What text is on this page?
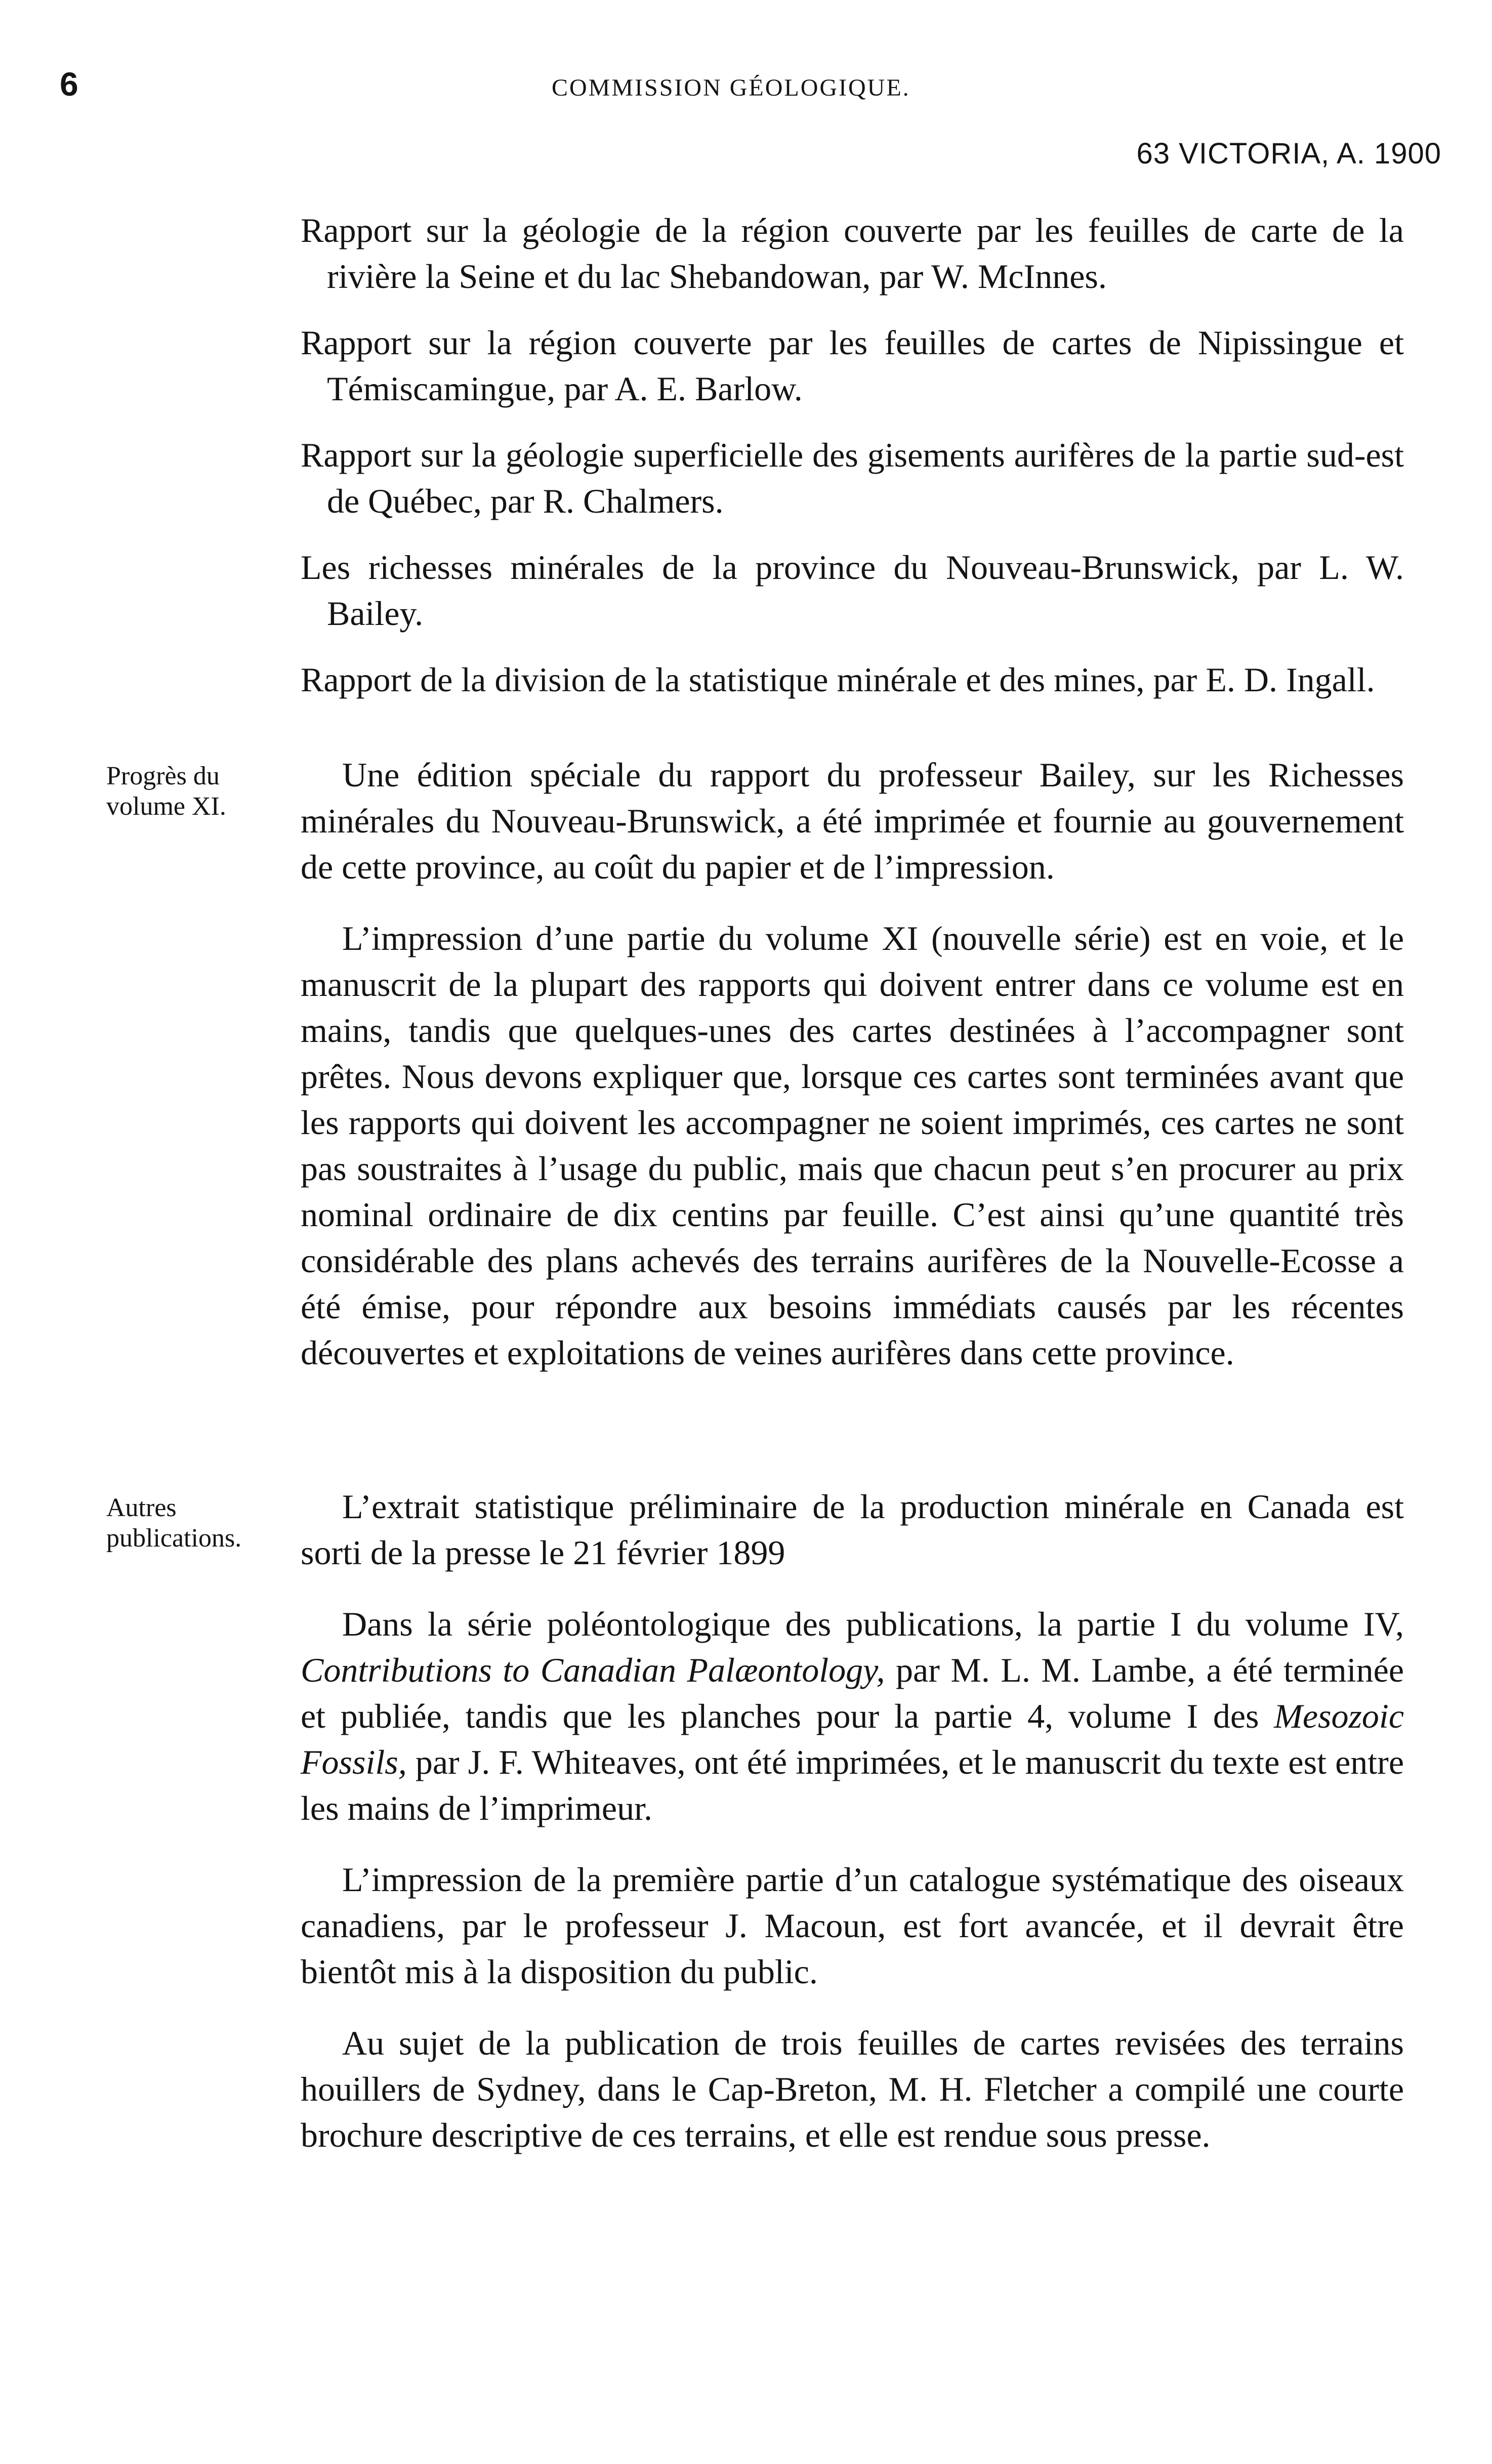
6	COMMISSION GÉOLOGIQUE.
63 VICTORIA, A. 1900

Rapport sur la géologie de la région couverte par les feuilles de carte de la rivière la Seine et du lac Shebandowan, par W. McInnes.

Rapport sur la région couverte par les feuilles de cartes de Nipissingue et Témiscamingue, par A. E. Barlow.

Rapport sur la géologie superficielle des gisements aurifères de la partie sud-est de Québec, par R. Chalmers.

Les richesses minérales de la province du Nouveau-Brunswick, par L. W. Bailey.

Rapport de la division de la statistique minérale et des mines, par E. D. Ingall.

Progrès du
volume XI.

Une édition spéciale du rapport du professeur Bailey, sur les Richesses minérales du Nouveau-Brunswick, a été imprimée et fournie au gouvernement de cette province, au coût du papier et de l’impression.

L’impression d’une partie du volume XI (nouvelle série) est en voie, et le manuscrit de la plupart des rapports qui doivent entrer dans ce volume est en mains, tandis que quelques-unes des cartes destinées à l’accompagner sont prêtes. Nous devons expliquer que, lorsque ces cartes sont terminées avant que les rapports qui doivent les accompagner ne soient imprimés, ces cartes ne sont pas soustraites à l’usage du public, mais que chacun peut s’en procurer au prix nominal ordinaire de dix centins par feuille. C’est ainsi qu’une quantité très considérable des plans achevés des terrains aurifères de la Nouvelle-Ecosse a été émise, pour répondre aux besoins immédiats causés par les récentes découvertes et exploitations de veines aurifères dans cette province.

Autres
publications.

L’extrait statistique préliminaire de la production minérale en Canada est sorti de la presse le 21 février 1899

Dans la série poléontologique des publications, la partie I du volume IV, Contributions to Canadian Palæontology, par M. L. M. Lambe, a été terminée et publiée, tandis que les planches pour la partie 4, volume I des Mesozoic Fossils, par J. F. Whiteaves, ont été imprimées, et le manuscrit du texte est entre les mains de l’imprimeur.

L’impression de la première partie d’un catalogue systématique des oiseaux canadiens, par le professeur J. Macoun, est fort avancée, et il devrait être bientôt mis à la disposition du public.

Au sujet de la publication de trois feuilles de cartes revisées des terrains houillers de Sydney, dans le Cap-Breton, M. H. Fletcher a compilé une courte brochure descriptive de ces terrains, et elle est rendue sous presse.
